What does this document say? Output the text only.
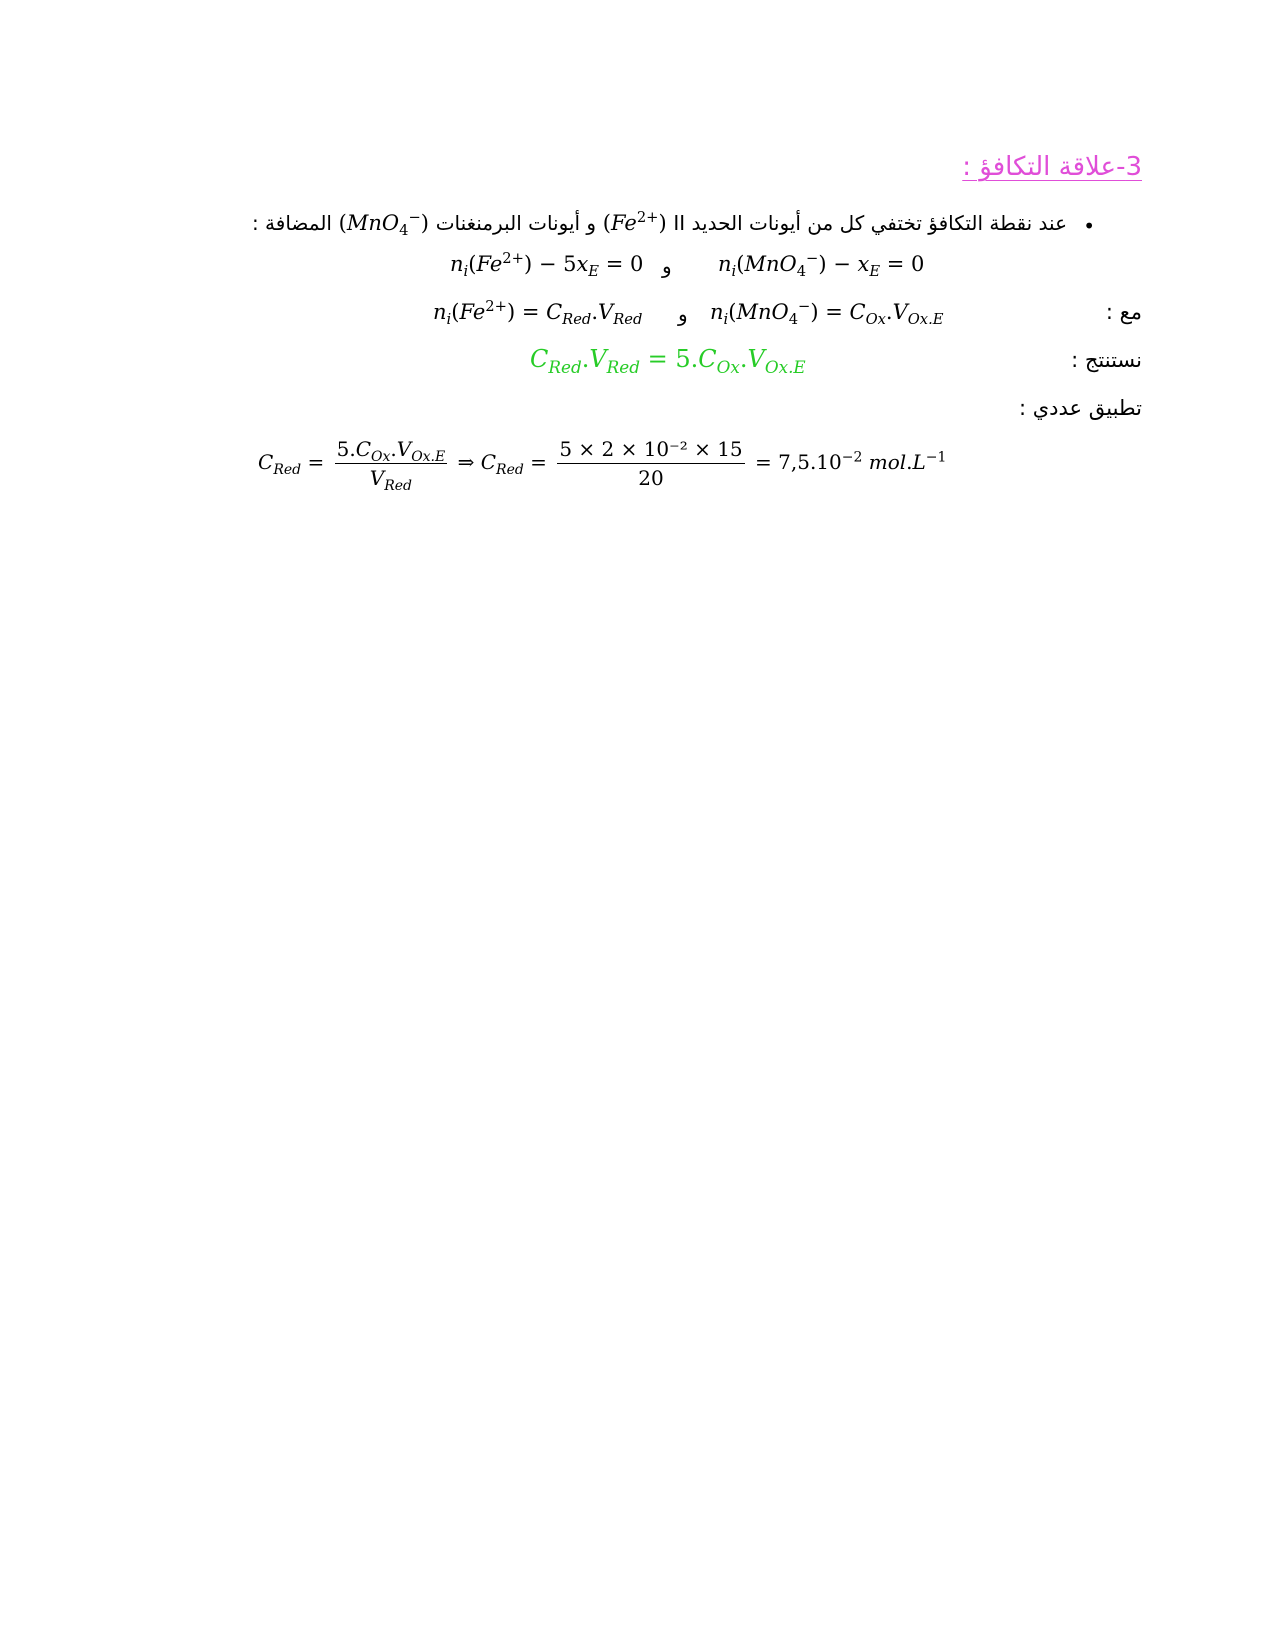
3-علاقة التكافؤ :
•
عند نقطة التكافؤ تختفي كل من أيونات الحديد II $(Fe^{2+})$ و أيونات البرمنغنات (MnO$_4$−) المضافة :
$n_i(Fe^{2+}) - 5x_E = 0$ و $n_i(MnO_4^-) - x_E = 0$
مع :
$n_i(Fe^{2+}) = C_{Red}.V_{Red}$ و $n_i(MnO_4^-) = C_{Ox}.V_{Ox.E}$
نستنتج :
$C_{Red}.V_{Red} = 5.C_{Ox}.V_{Ox.E}$
تطبيق عددي :
$C_{Red} = \frac{5.C_{Ox}.V_{Ox.E}}{V_{Red}}$ ⇒ $C_{Red} = \frac{\text{5 × 2 × 10⁻² × 15}}{20} = 7,5.10^{-2}$ $mol.L^{-1}$
